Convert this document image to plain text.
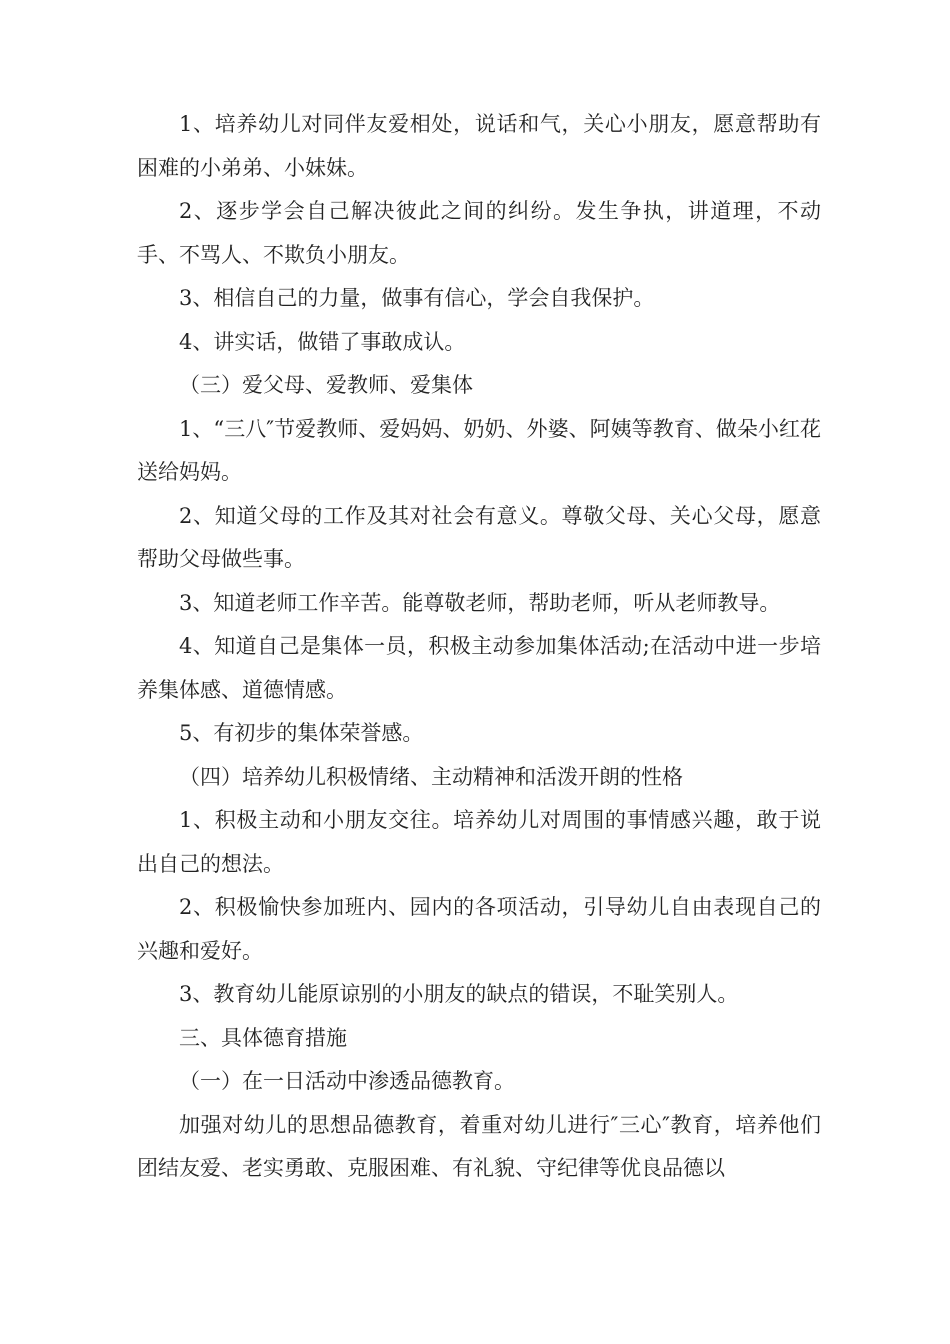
1、培养幼儿对同伴友爱相处，说话和气，关心小朋友，愿意帮助有困难的小弟弟、小妹妹。

2、逐步学会自己解决彼此之间的纠纷。发生争执，讲道理，不动手、不骂人、不欺负小朋友。

3、相信自己的力量，做事有信心，学会自我保护。

4、讲实话，做错了事敢成认。

（三）爱父母、爱教师、爱集体

1、“三八″节爱教师、爱妈妈、奶奶、外婆、阿姨等教育、做朵小红花送给妈妈。

2、知道父母的工作及其对社会有意义。尊敬父母、关心父母，愿意帮助父母做些事。

3、知道老师工作辛苦。能尊敬老师，帮助老师，听从老师教导。

4、知道自己是集体一员，积极主动参加集体活动;在活动中进一步培养集体感、道德情感。

5、有初步的集体荣誉感。

（四）培养幼儿积极情绪、主动精神和活泼开朗的性格

1、积极主动和小朋友交往。培养幼儿对周围的事情感兴趣，敢于说出自己的想法。

2、积极愉快参加班内、园内的各项活动，引导幼儿自由表现自己的兴趣和爱好。

3、教育幼儿能原谅别的小朋友的缺点的错误，不耻笑别人。

三、具体德育措施

（一）在一日活动中渗透品德教育。

加强对幼儿的思想品德教育，着重对幼儿进行″三心″教育，培养他们团结友爱、老实勇敢、克服困难、有礼貌、守纪律等优良品德以
